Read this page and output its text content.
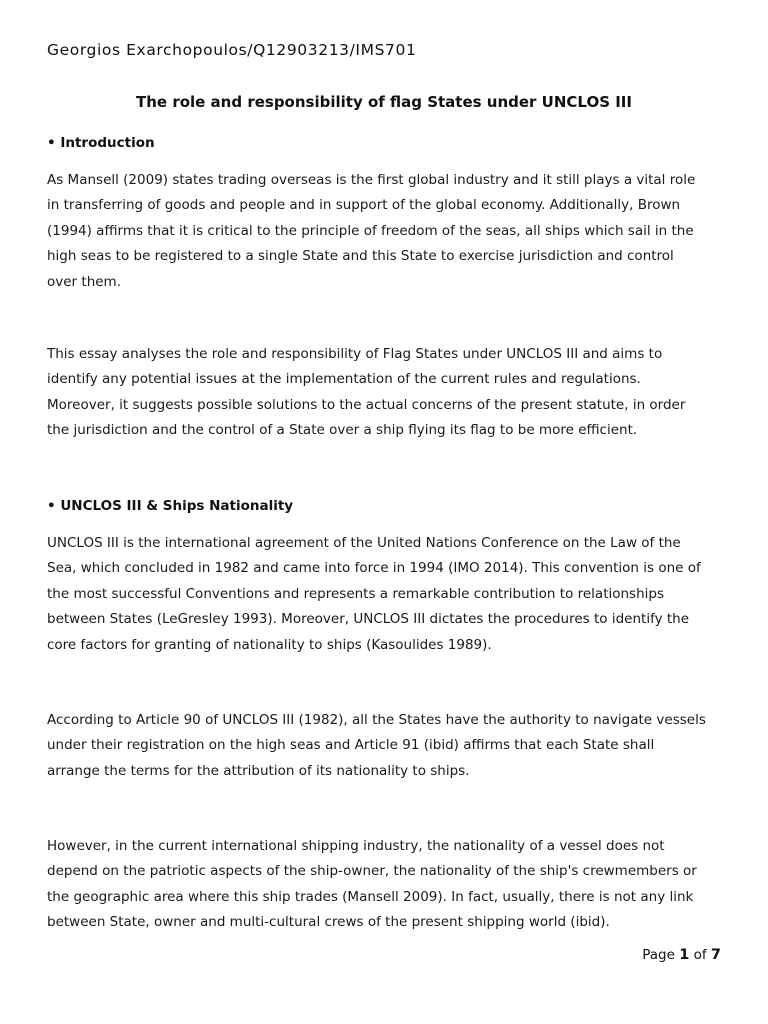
Georgios Exarchopoulos/Q12903213/IMS701
The role and responsibility of flag States under UNCLOS III
• Introduction

As Mansell (2009) states trading overseas is the first global industry and it still plays a vital role
in transferring of goods and people and in support of the global economy. Additionally, Brown
(1994) affirms that it is critical to the principle of freedom of the seas, all ships which sail in the
high seas to be registered to a single State and this State to exercise jurisdiction and control
over them.

This essay analyses the role and responsibility of Flag States under UNCLOS III and aims to
identify any potential issues at the implementation of the current rules and regulations.
Moreover, it suggests possible solutions to the actual concerns of the present statute, in order
the jurisdiction and the control of a State over a ship flying its flag to be more efficient.

• UNCLOS III & Ships Nationality

UNCLOS III is the international agreement of the United Nations Conference on the Law of the
Sea, which concluded in 1982 and came into force in 1994 (IMO 2014). This convention is one of
the most successful Conventions and represents a remarkable contribution to relationships
between States (LeGresley 1993). Moreover, UNCLOS III dictates the procedures to identify the
core factors for granting of nationality to ships (Kasoulides 1989).

According to Article 90 of UNCLOS III (1982), all the States have the authority to navigate vessels
under their registration on the high seas and Article 91 (ibid) affirms that each State shall
arrange the terms for the attribution of its nationality to ships.

However, in the current international shipping industry, the nationality of a vessel does not
depend on the patriotic aspects of the ship-owner, the nationality of the ship's crewmembers or
the geographic area where this ship trades (Mansell 2009). In fact, usually, there is not any link
between State, owner and multi-cultural crews of the present shipping world (ibid).

Page 1 of 7
